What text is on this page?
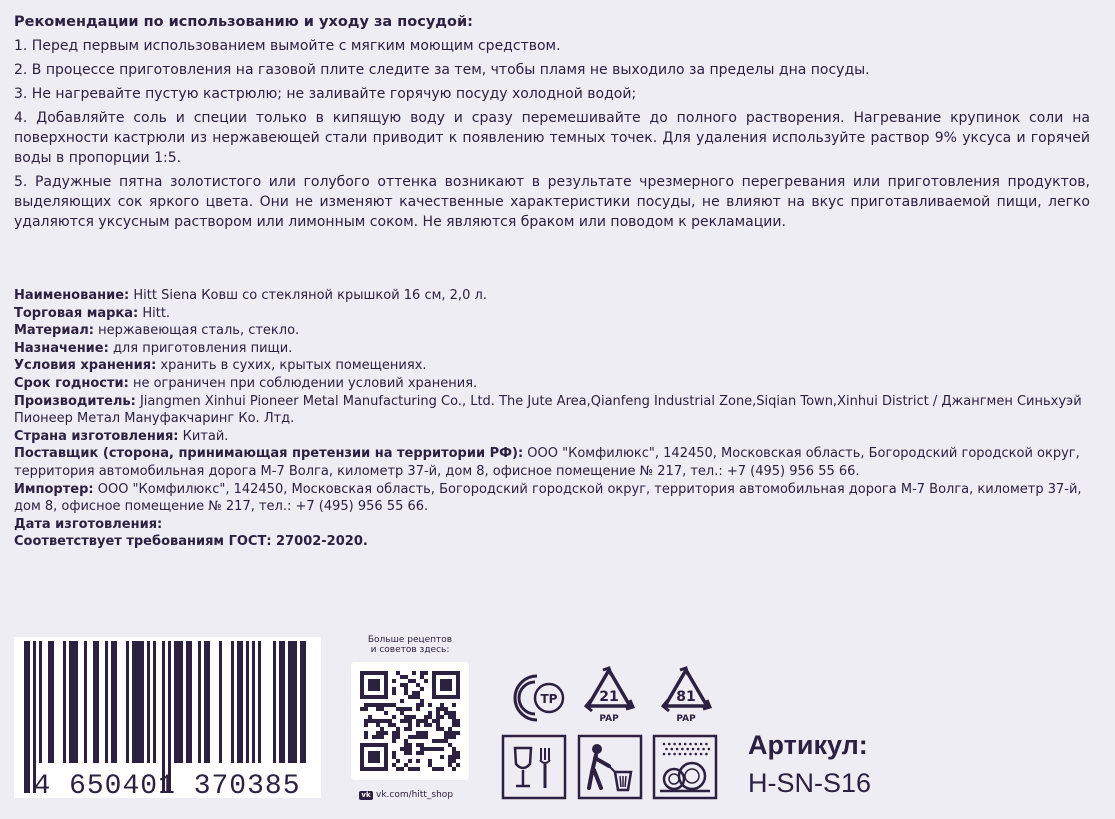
Рекомендации по использованию и уходу за посудой:

1. Перед первым использованием вымойте с мягким моющим средством.

2. В процессе приготовления на газовой плите следите за тем, чтобы пламя не выходило за пределы дна посуды.

3. Не нагревайте пустую кастрюлю; не заливайте горячую посуду холодной водой;

4. Добавляйте соль и специи только в кипящую воду и сразу перемешивайте до полного растворения. Нагревание крупинок соли на поверхности кастрюли из нержавеющей стали приводит к появлению темных точек. Для удаления используйте раствор 9% уксуса и горячей воды в пропорции 1:5.

5. Радужные пятна золотистого или голубого оттенка возникают в результате чрезмерного перегревания или приготовления продуктов, выделяющих сок яркого цвета. Они не изменяют качественные характеристики посуды, не влияют на вкус приготавливаемой пищи, легко удаляются уксусным раствором или лимонным соком. Не являются браком или поводом к рекламации.

Наименование: Hitt Siena Ковш со стекляной крышкой 16 см, 2,0 л.
Торговая марка: Hitt.
Материал: нержавеющая сталь, стекло.
Назначение: для приготовления пищи.
Условия хранения: хранить в сухих, крытых помещениях.
Срок годности: не ограничен при соблюдении условий хранения.
Производитель: Jiangmen Xinhui Pioneer Metal Manufacturing Co., Ltd. The Jute Area,Qianfeng Industrial Zone,Siqian Town,Xinhui District / Джангмен Синьхуэй Пионеер Метал Мануфакчаринг Ко. Лтд.
Страна изготовления: Китай.
Поставщик (сторона, принимающая претензии на территории РФ): ООО "Комфилюкс", 142450, Московская область, Богородский городской округ, территория автомобильная дорога М-7 Волга, километр 37-й, дом 8, офисное помещение № 217, тел.: +7 (495) 956 55 66.
Импортер: ООО "Комфилюкс", 142450, Московская область, Богородский городской округ, территория автомобильная дорога М-7 Волга, километр 37-й, дом 8, офисное помещение № 217, тел.: +7 (495) 956 55 66.
Дата изготовления:
Соответствует требованиям ГОСТ: 27002-2020.
4 650401 370385
Больше рецептов
и советов здесь:
vk vk.com/hitt_shop
ТР	21
PAP
81
PAP
Артикул:
H-SN-S16
